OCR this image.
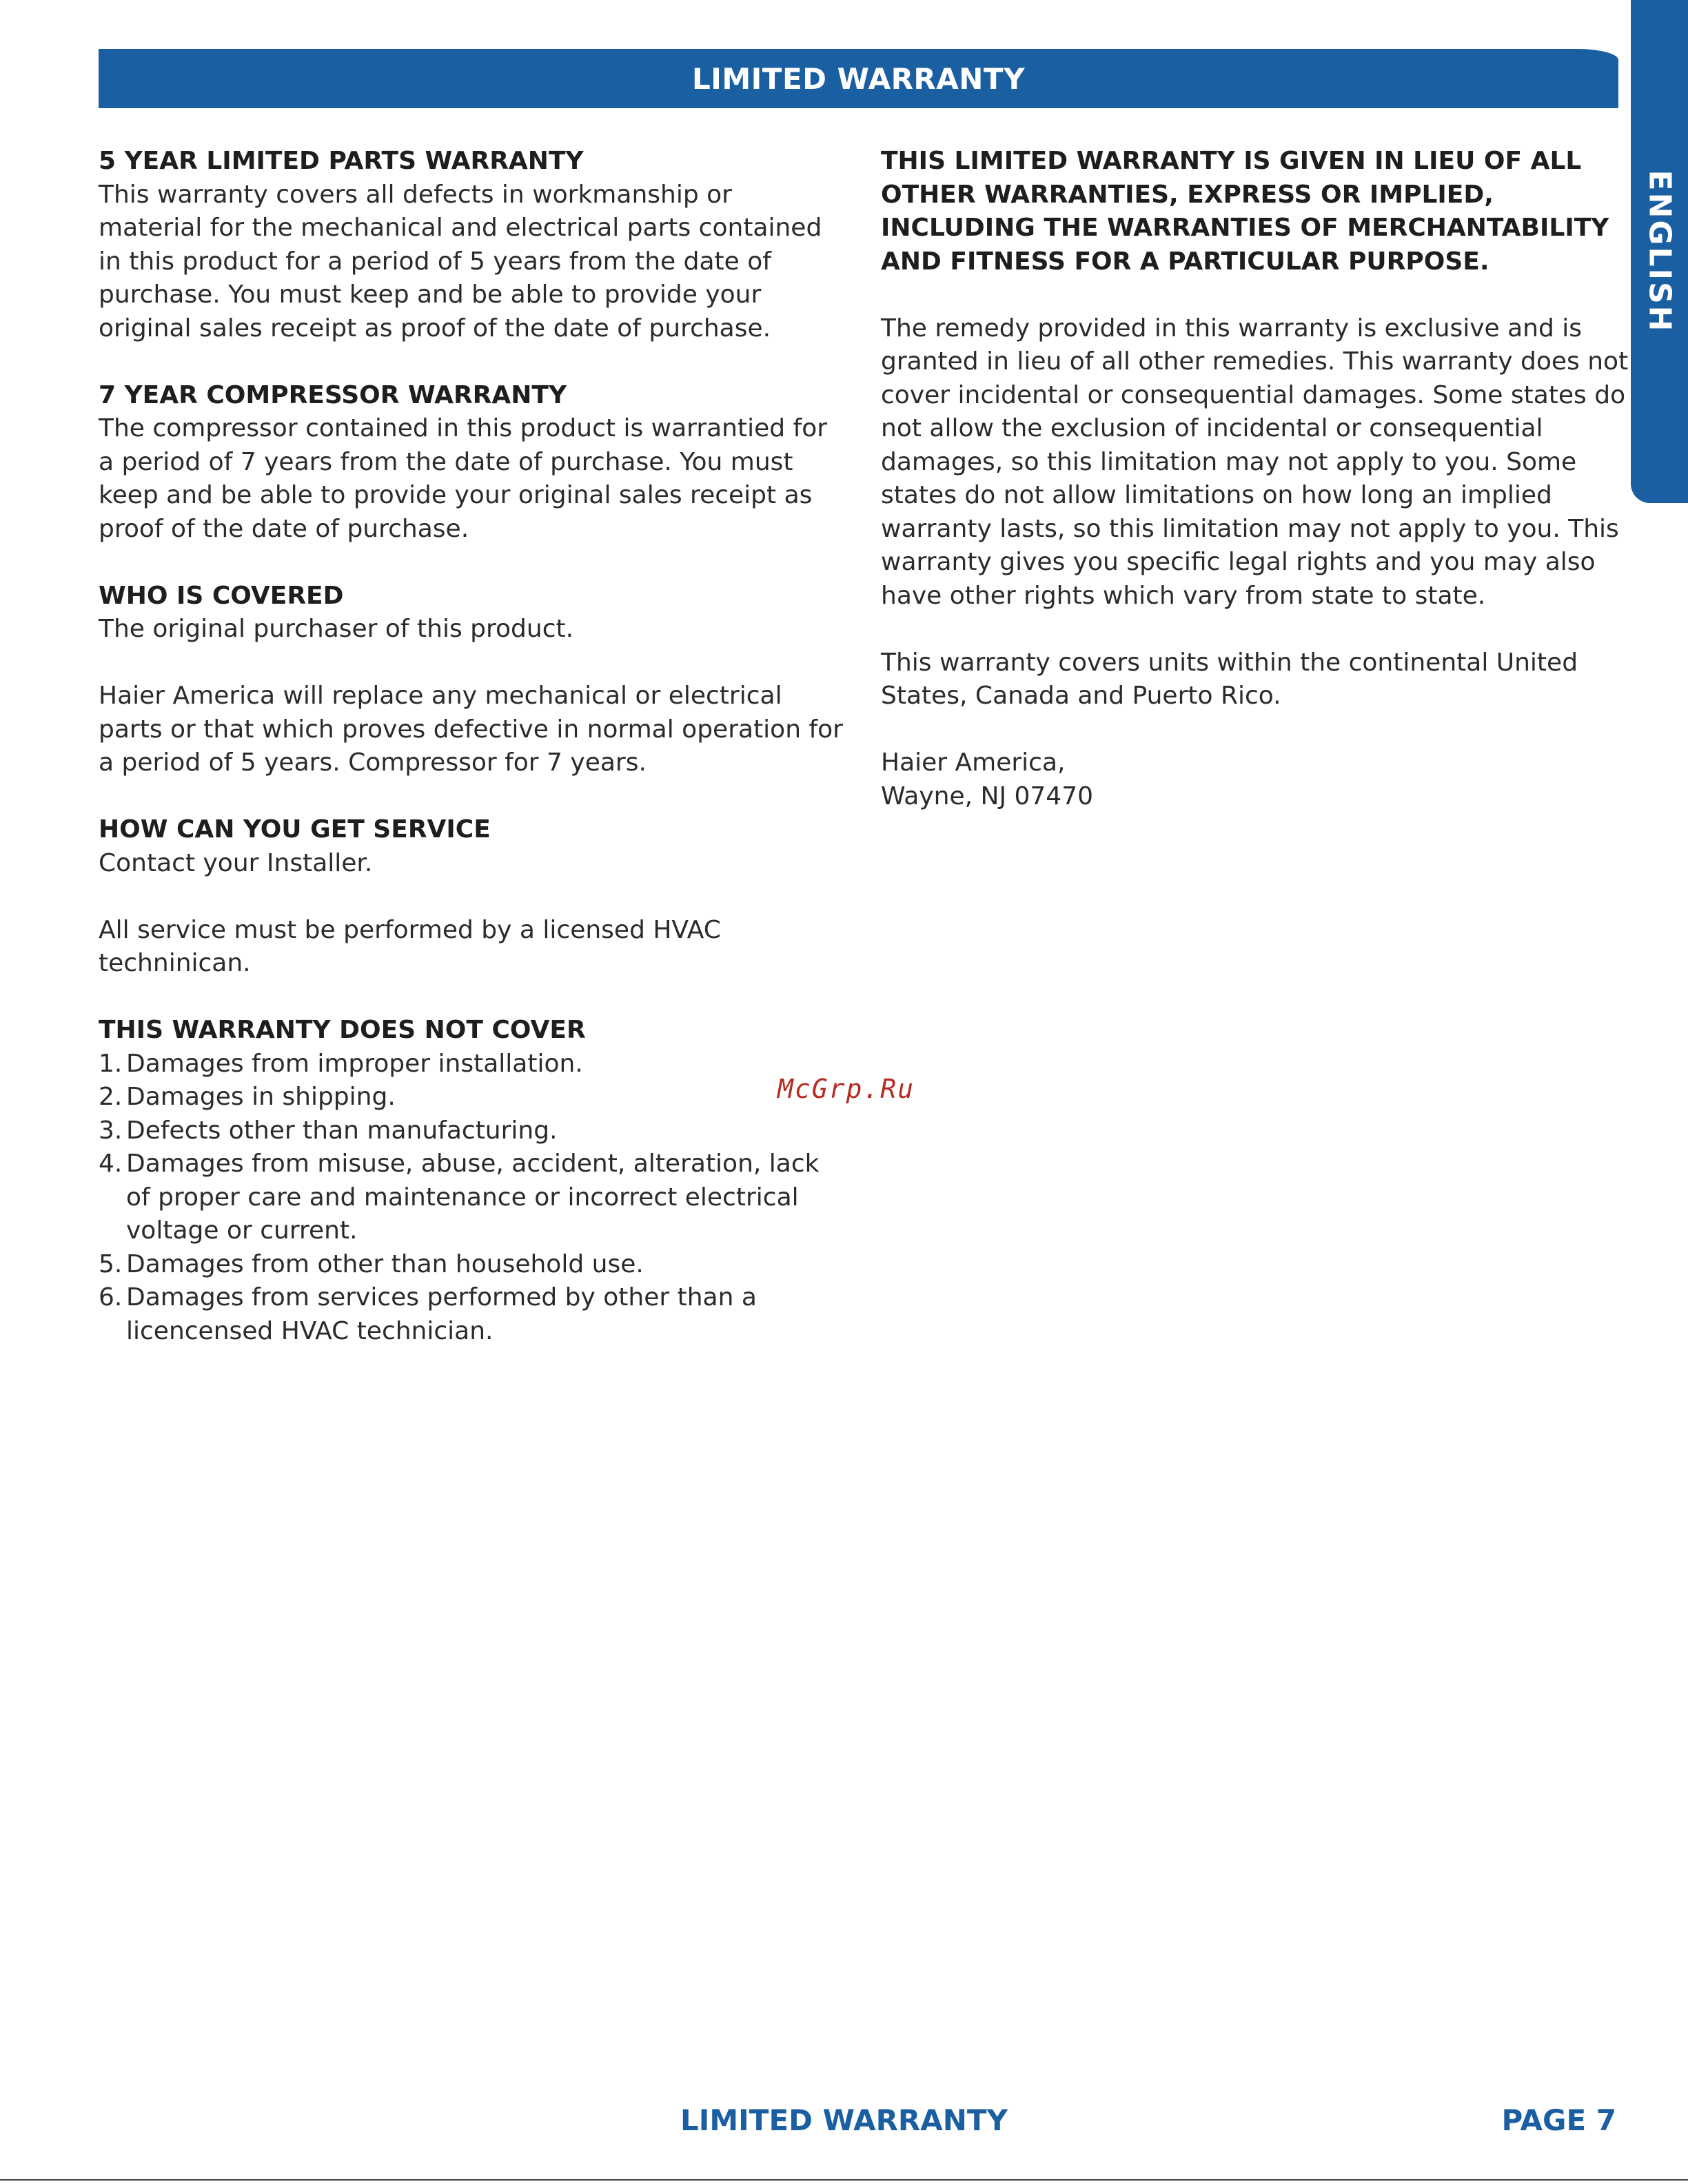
LIMITED WARRANTY
ENGLISH
5 YEAR LIMITED PARTS WARRANTY
This warranty covers all defects in workmanship or material for the mechanical and electrical parts contained in this product for a period of 5 years from the date of purchase. You must keep and be able to provide your original sales receipt as proof of the date of purchase.
7 YEAR COMPRESSOR WARRANTY
The compressor contained in this product is warrantied for a period of 7 years from the date of purchase. You must keep and be able to provide your original sales receipt as proof of the date of purchase.
WHO IS COVERED
The original purchaser of this product.
Haier America will replace any mechanical or electrical parts or that which proves defective in normal operation for a period of 5 years. Compressor for 7 years.
HOW CAN YOU GET SERVICE
Contact your Installer.
All service must be performed by a licensed HVAC techninican.
THIS WARRANTY DOES NOT COVER
1. Damages from improper installation.
2. Damages in shipping.
3. Defects other than manufacturing.
4. Damages from misuse, abuse, accident, alteration, lack of proper care and maintenance or incorrect electrical voltage or current.
5. Damages from other than household use.
6. Damages from services performed by other than a licencensed HVAC technician.
THIS LIMITED WARRANTY IS GIVEN IN LIEU OF ALL OTHER WARRANTIES, EXPRESS OR IMPLIED, INCLUDING THE WARRANTIES OF MERCHANTABILITY AND FITNESS FOR A PARTICULAR PURPOSE.
The remedy provided in this warranty is exclusive and is granted in lieu of all other remedies. This warranty does not cover incidental or consequential damages. Some states do not allow the exclusion of incidental or consequential damages, so this limitation may not apply to you. Some states do not allow limitations on how long an implied warranty lasts, so this limitation may not apply to you. This warranty gives you specific legal rights and you may also have other rights which vary from state to state.
This warranty covers units within the continental United States, Canada and Puerto Rico.
Haier America,
Wayne, NJ 07470
McGrp.Ru
LIMITED WARRANTY	PAGE 7
